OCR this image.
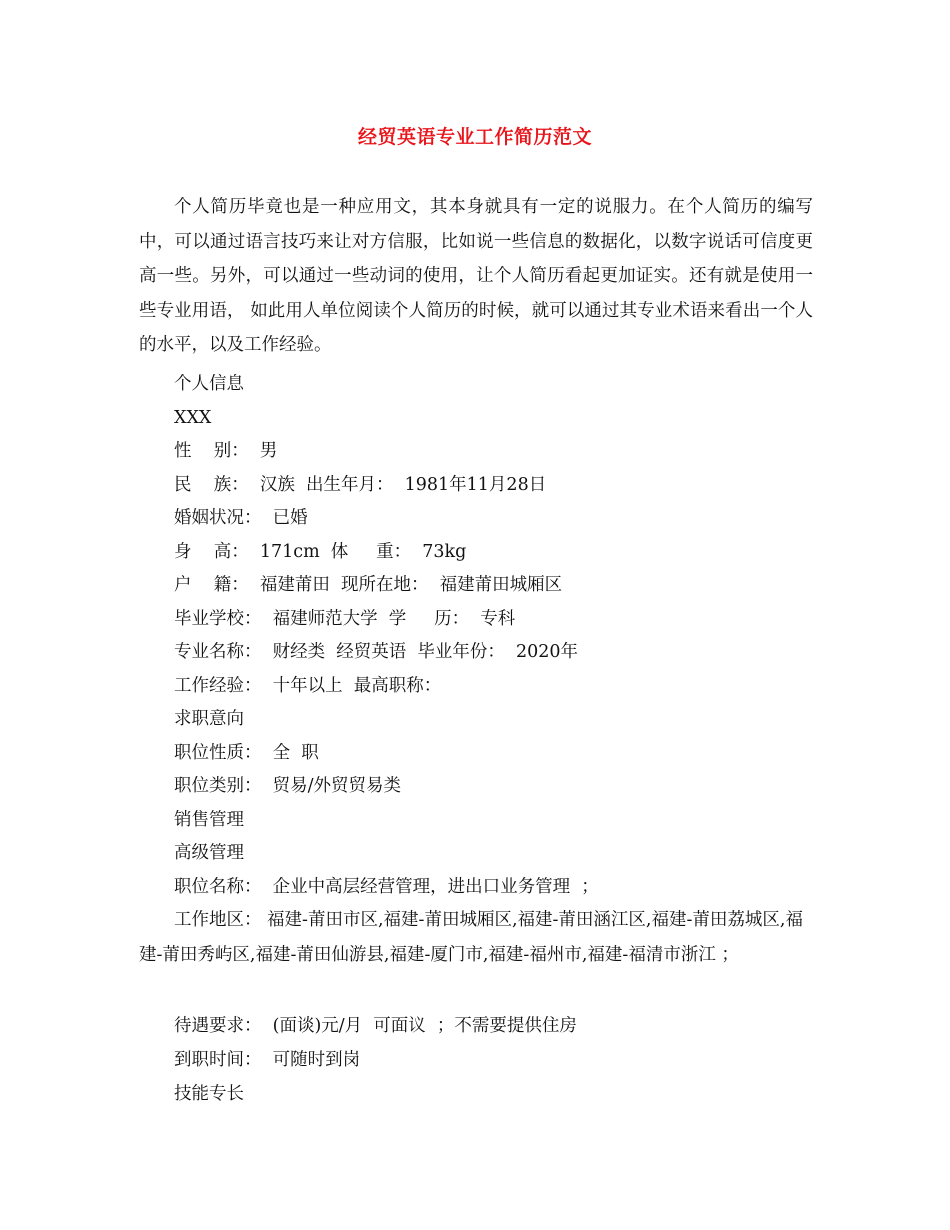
经贸英语专业工作简历范文

个人简历毕竟也是一种应用文，其本身就具有一定的说服力。在个人简历的编写中，可以通过语言技巧来让对方信服，比如说一些信息的数据化，以数字说话可信度更高一些。另外，可以通过一些动词的使用，让个人简历看起更加证实。还有就是使用一些专业用语， 如此用人单位阅读个人简历的时候，就可以通过其专业术语来看出一个人的水平，以及工作经验。

个人信息
XXX
性    别：  男
民    族：  汉族  出生年月：  1981年11月28日
婚姻状况：  已婚
身    高：  171cm  体     重：  73kg
户    籍：  福建莆田  现所在地：  福建莆田城厢区
毕业学校：  福建师范大学  学     历：  专科
专业名称：  财经类  经贸英语  毕业年份：  2020年
工作经验：  十年以上  最高职称：
求职意向
职位性质：  全  职
职位类别：  贸易/外贸贸易类
销售管理
高级管理
职位名称：  企业中高层经营管理，进出口业务管理  ；

工作地区： 福建-莆田市区,福建-莆田城厢区,福建-莆田涵江区,福建-莆田荔城区,福建-莆田秀屿区,福建-莆田仙游县,福建-厦门市,福建-福州市,福建-福清市浙江 ；

待遇要求：  (面谈)元/月  可面议  ；不需要提供住房
到职时间：  可随时到岗
技能专长
